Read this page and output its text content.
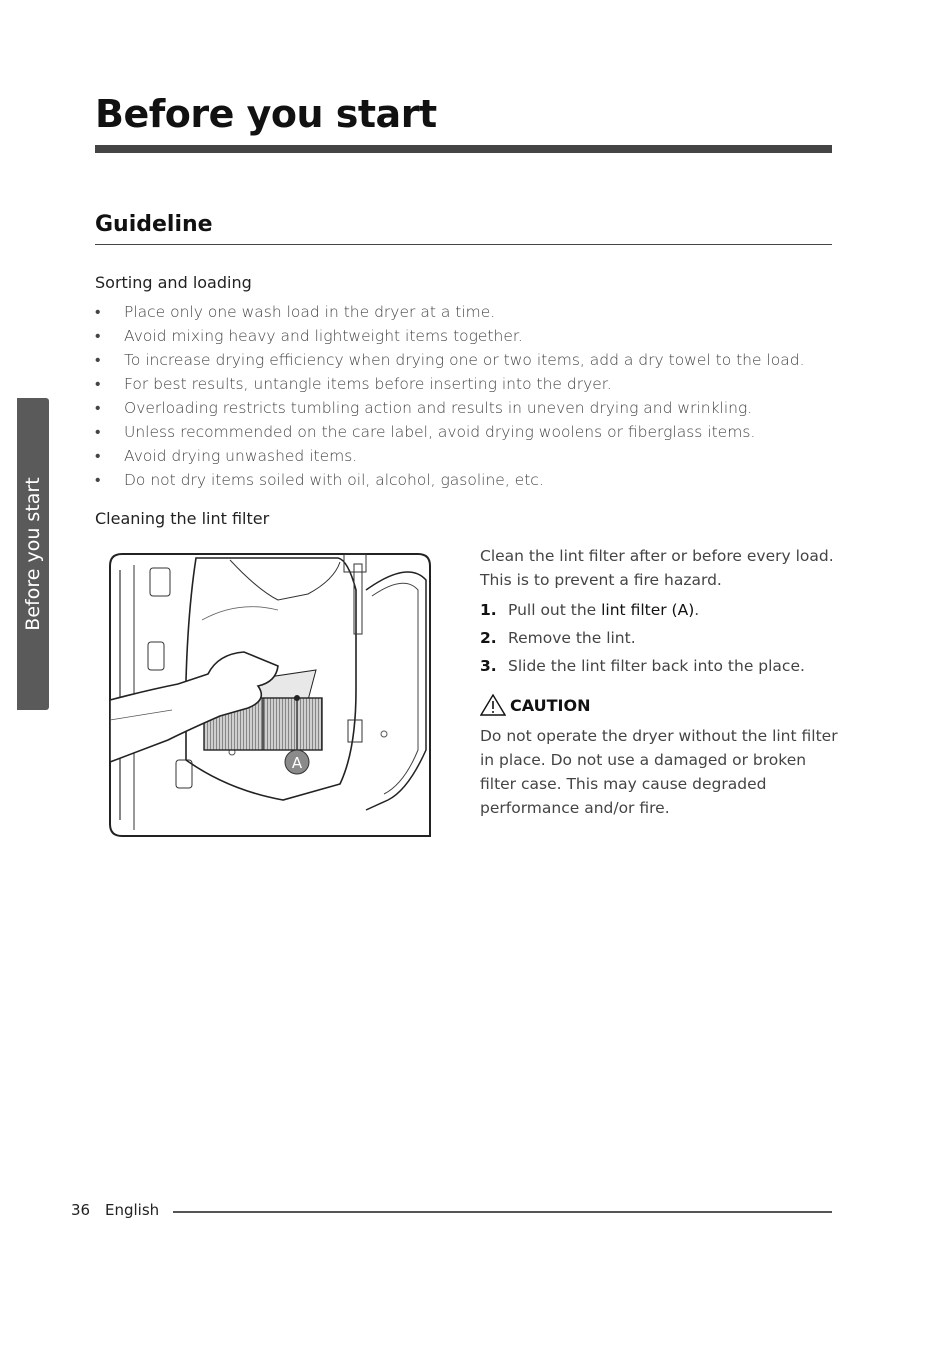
Before you start
Before you start
Guideline
Sorting and loading
• Place only one wash load in the dryer at a time.
• Avoid mixing heavy and lightweight items together.
• To increase drying efficiency when drying one or two items, add a dry towel to the load.
• For best results, untangle items before inserting into the dryer.
• Overloading restricts tumbling action and results in uneven drying and wrinkling.
• Unless recommended on the care label, avoid drying woolens or fiberglass items.
• Avoid drying unwashed items.
• Do not dry items soiled with oil, alcohol, gasoline, etc.
Cleaning the lint filter
A

Clean the lint filter after or before every load. This is to prevent a fire hazard.

1. Pull out the lint filter (A).
2. Remove the lint.
3. Slide the lint filter back into the place.
CAUTION

Do not operate the dryer without the lint filter in place. Do not use a damaged or broken filter case. This may cause degraded performance and/or fire.

36 English
